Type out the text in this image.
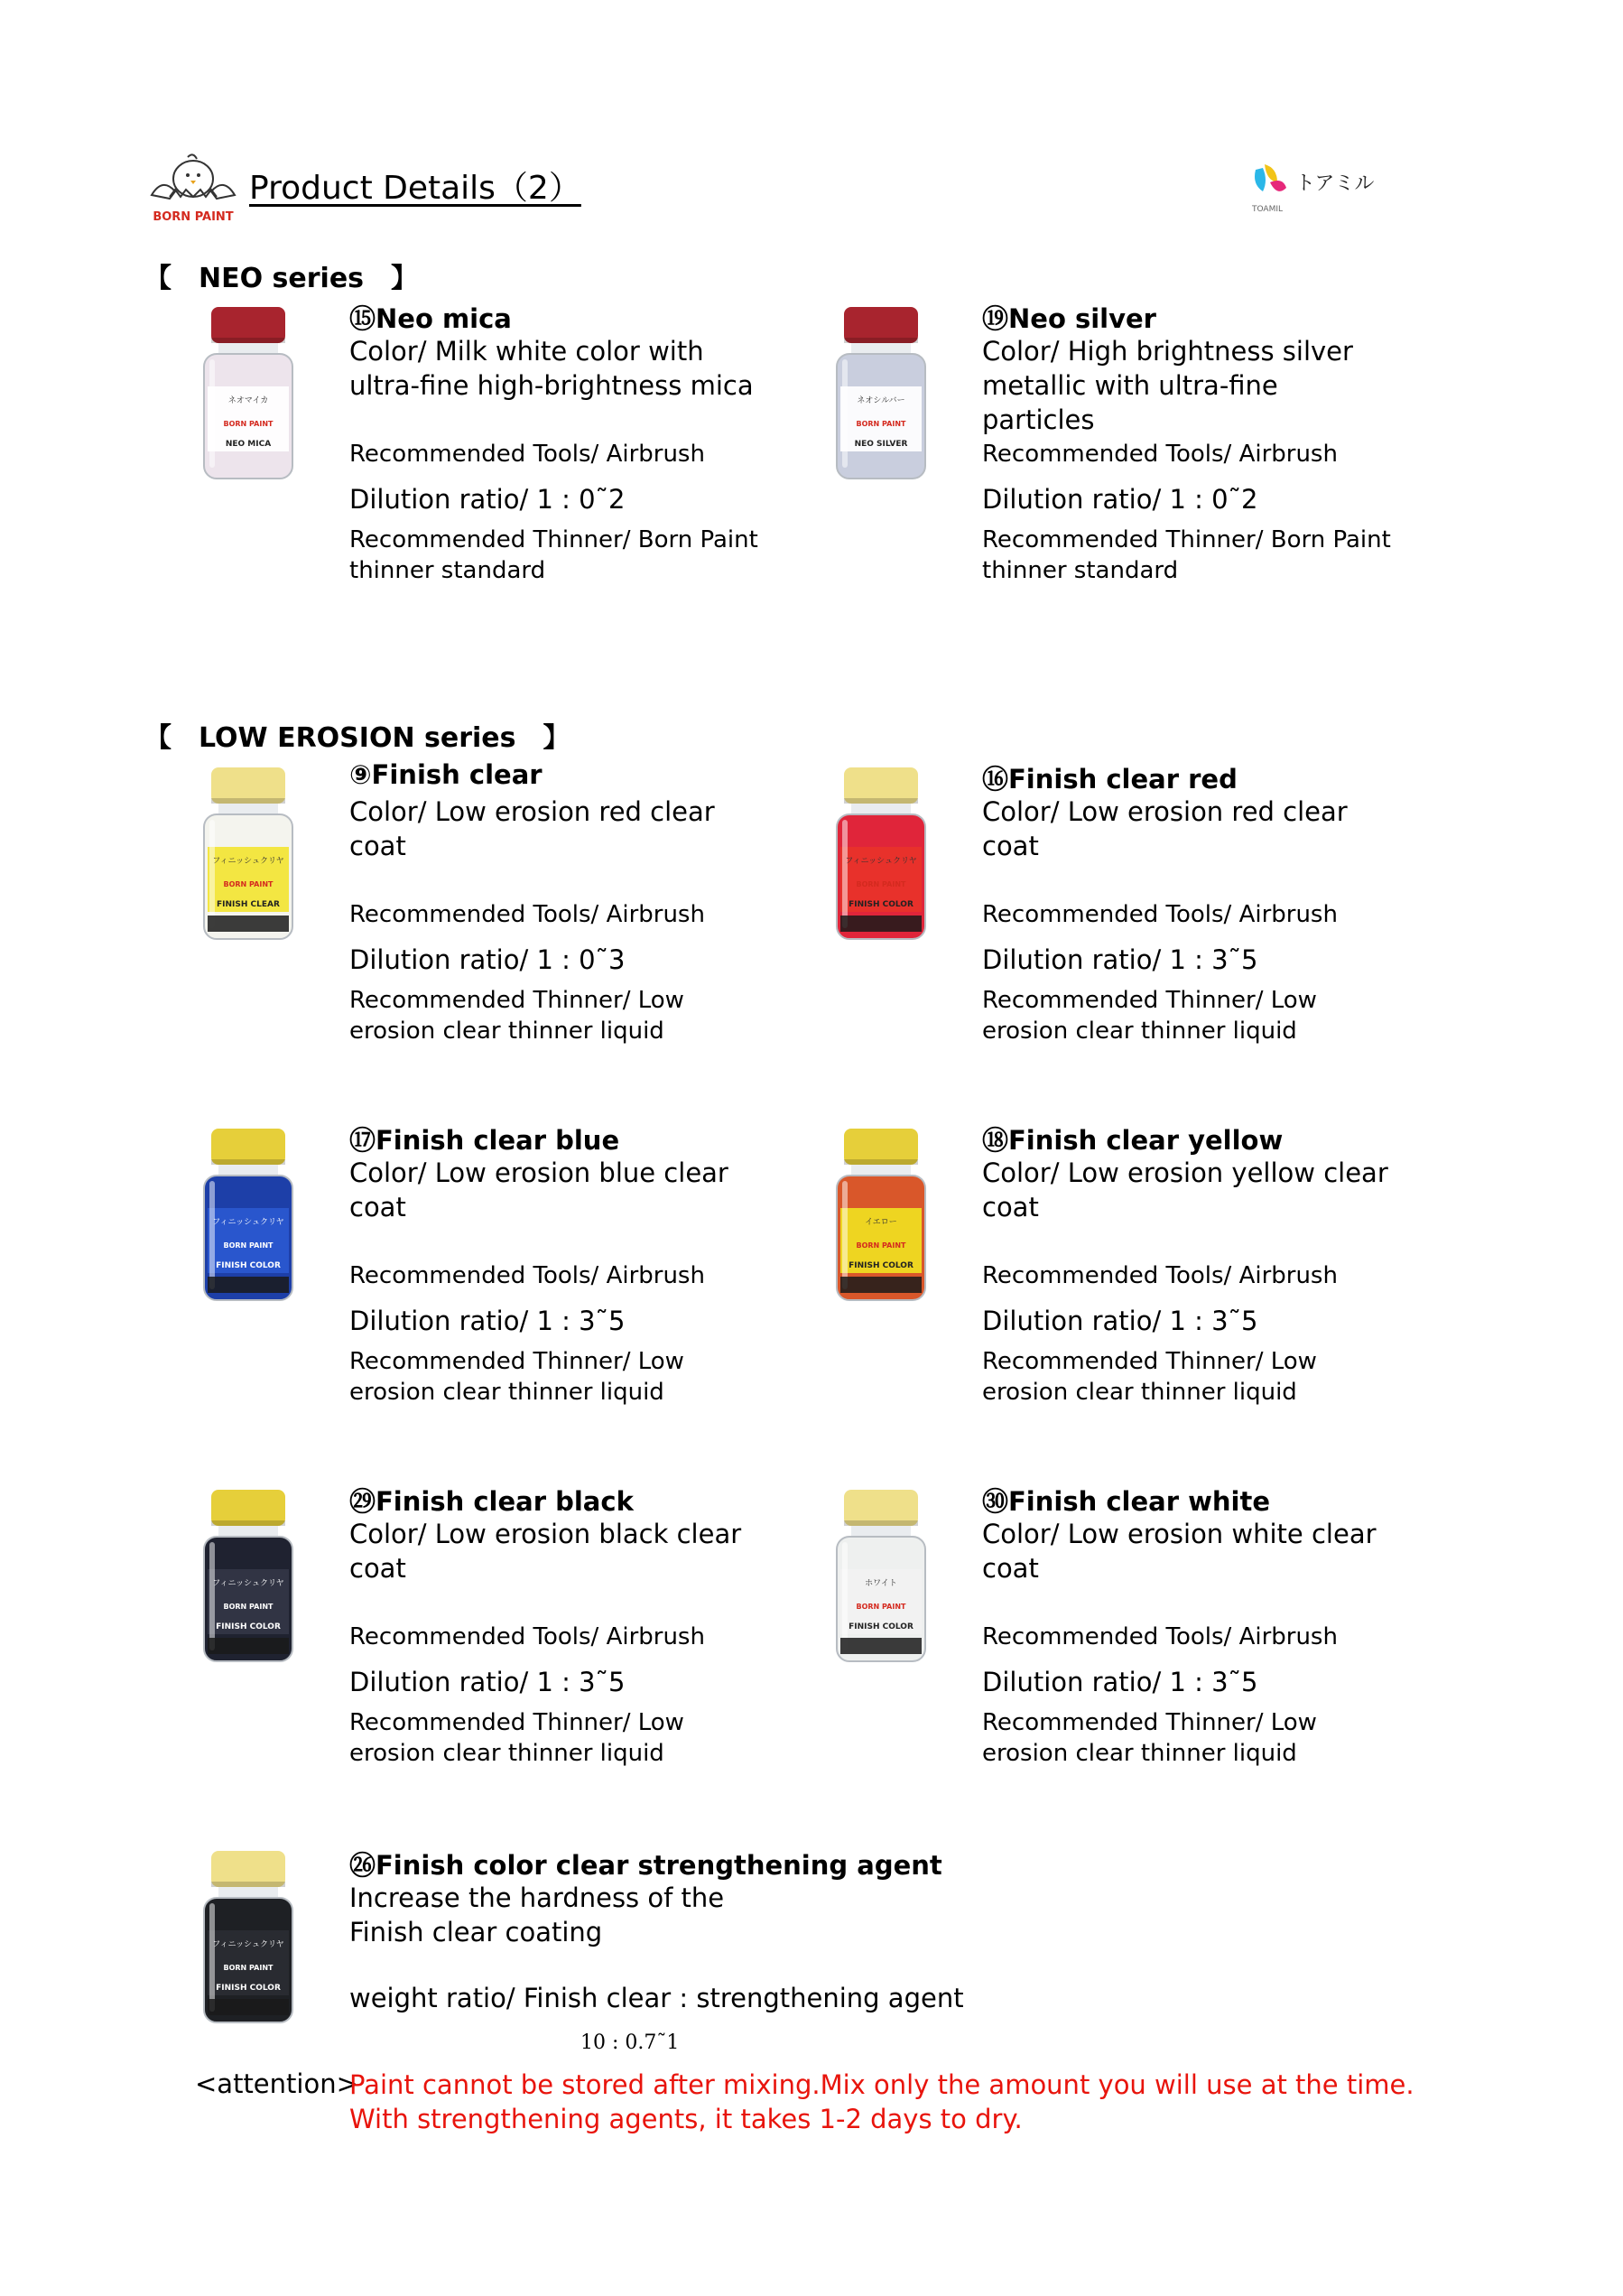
BORN PAINT
Product Details（2）	トアミル
TOAMIL
【　NEO series　】
ネオマイカ
BORN PAINT
NEO MICA
⑮Neo mica
Color/ Milk white color with
ultra-fine high-brightness mica
Recommended Tools/ Airbrush
Dilution ratio/ 1 : 0˜2
Recommended Thinner/ Born Paint
thinner standard
ネオシルバー
BORN PAINT
NEO SILVER
⑲Neo silver
Color/ High brightness silver
metallic with ultra-fine particles
Recommended Tools/ Airbrush
Dilution ratio/ 1 : 0˜2
Recommended Thinner/ Born Paint
thinner standard
フィニッシュクリヤ
BORN PAINT
FINISH CLEAR
⑨Finish clear
Color/ Low erosion red clear
coat
Recommended Tools/ Airbrush
Dilution ratio/ 1 : 0˜3
Recommended Thinner/ Low
erosion clear thinner liquid
フィニッシュクリヤ
BORN PAINT
FINISH COLOR
⑯Finish clear red
Color/ Low erosion red clear
coat
Recommended Tools/ Airbrush
Dilution ratio/ 1 : 3˜5
Recommended Thinner/ Low
erosion clear thinner liquid
フィニッシュクリヤ
BORN PAINT
FINISH COLOR
⑰Finish clear blue
Color/ Low erosion blue clear
coat
Recommended Tools/ Airbrush
Dilution ratio/ 1 : 3˜5
Recommended Thinner/ Low
erosion clear thinner liquid
イエロー
BORN PAINT
FINISH COLOR
⑱Finish clear yellow
Color/ Low erosion yellow clear
coat
Recommended Tools/ Airbrush
Dilution ratio/ 1 : 3˜5
Recommended Thinner/ Low
erosion clear thinner liquid
フィニッシュクリヤ
BORN PAINT
FINISH COLOR
㉙Finish clear black
Color/ Low erosion black clear
coat
Recommended Tools/ Airbrush
Dilution ratio/ 1 : 3˜5
Recommended Thinner/ Low
erosion clear thinner liquid
ホワイト
BORN PAINT
FINISH COLOR
㉚Finish clear white
Color/ Low erosion white clear
coat
Recommended Tools/ Airbrush
Dilution ratio/ 1 : 3˜5
Recommended Thinner/ Low
erosion clear thinner liquid
フィニッシュクリヤ
BORN PAINT
FINISH COLOR
【　LOW EROSION series　】
㉖Finish color clear strengthening agent
Increase the hardness of the
Finish clear coating
weight ratio/ Finish clear : strengthening agent
10 : 0.7˜1
<attention>
Paint cannot be stored after mixing.Mix only the amount you will use at the time.
With strengthening agents, it takes 1-2 days to dry.
